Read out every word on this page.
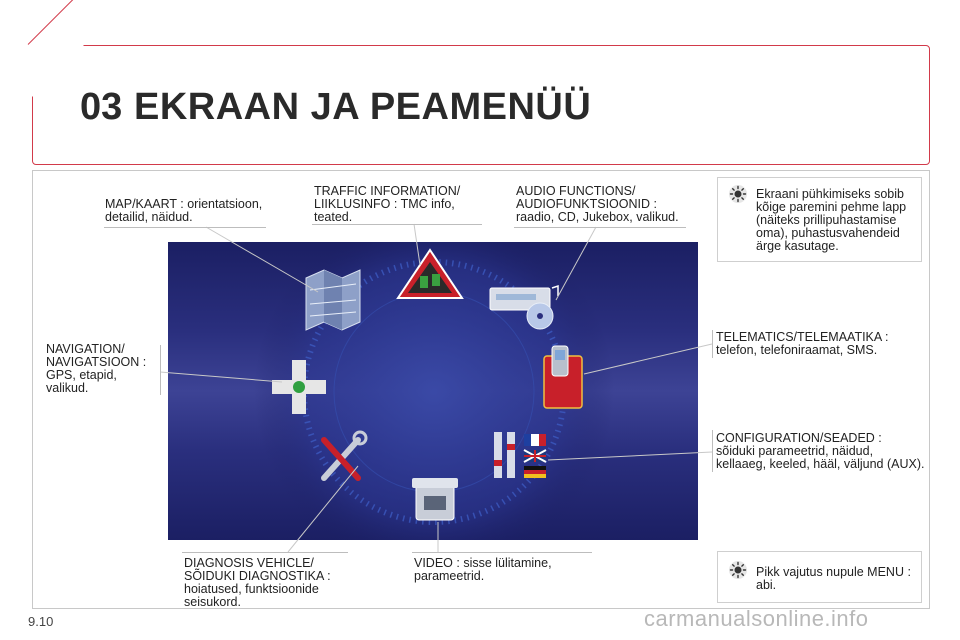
03 EKRAAN JA PEAMENÜÜ
MAP/KAART : orientatsioon,
detailid, näidud.
TRAFFIC INFORMATION/
LIIKLUSINFO : TMC info,
teated.
AUDIO FUNCTIONS/
AUDIOFUNKTSIOONID :
raadio, CD, Jukebox, valikud.
NAVIGATION/
NAVIGATSIOON :
GPS, etapid,
valikud.
TELEMATICS/TELEMAATIKA :
telefon, telefoniraamat, SMS.
CONFIGURATION/SEADED :
sõiduki parameetrid, näidud,
kellaaeg, keeled, hääl, väljund (AUX).
DIAGNOSIS VEHICLE/
SÕIDUKI DIAGNOSTIKA :
hoiatused, funktsioonide
seisukord.
VIDEO : sisse lülitamine,
parameetrid.
Ekraani pühkimiseks sobib
kõige paremini pehme lapp
(näiteks prillipuhastamise
oma), puhastusvahendeid
ärge kasutage.
Pikk vajutus nupule MENU :
abi.
9.10	carmanualsonline.info
